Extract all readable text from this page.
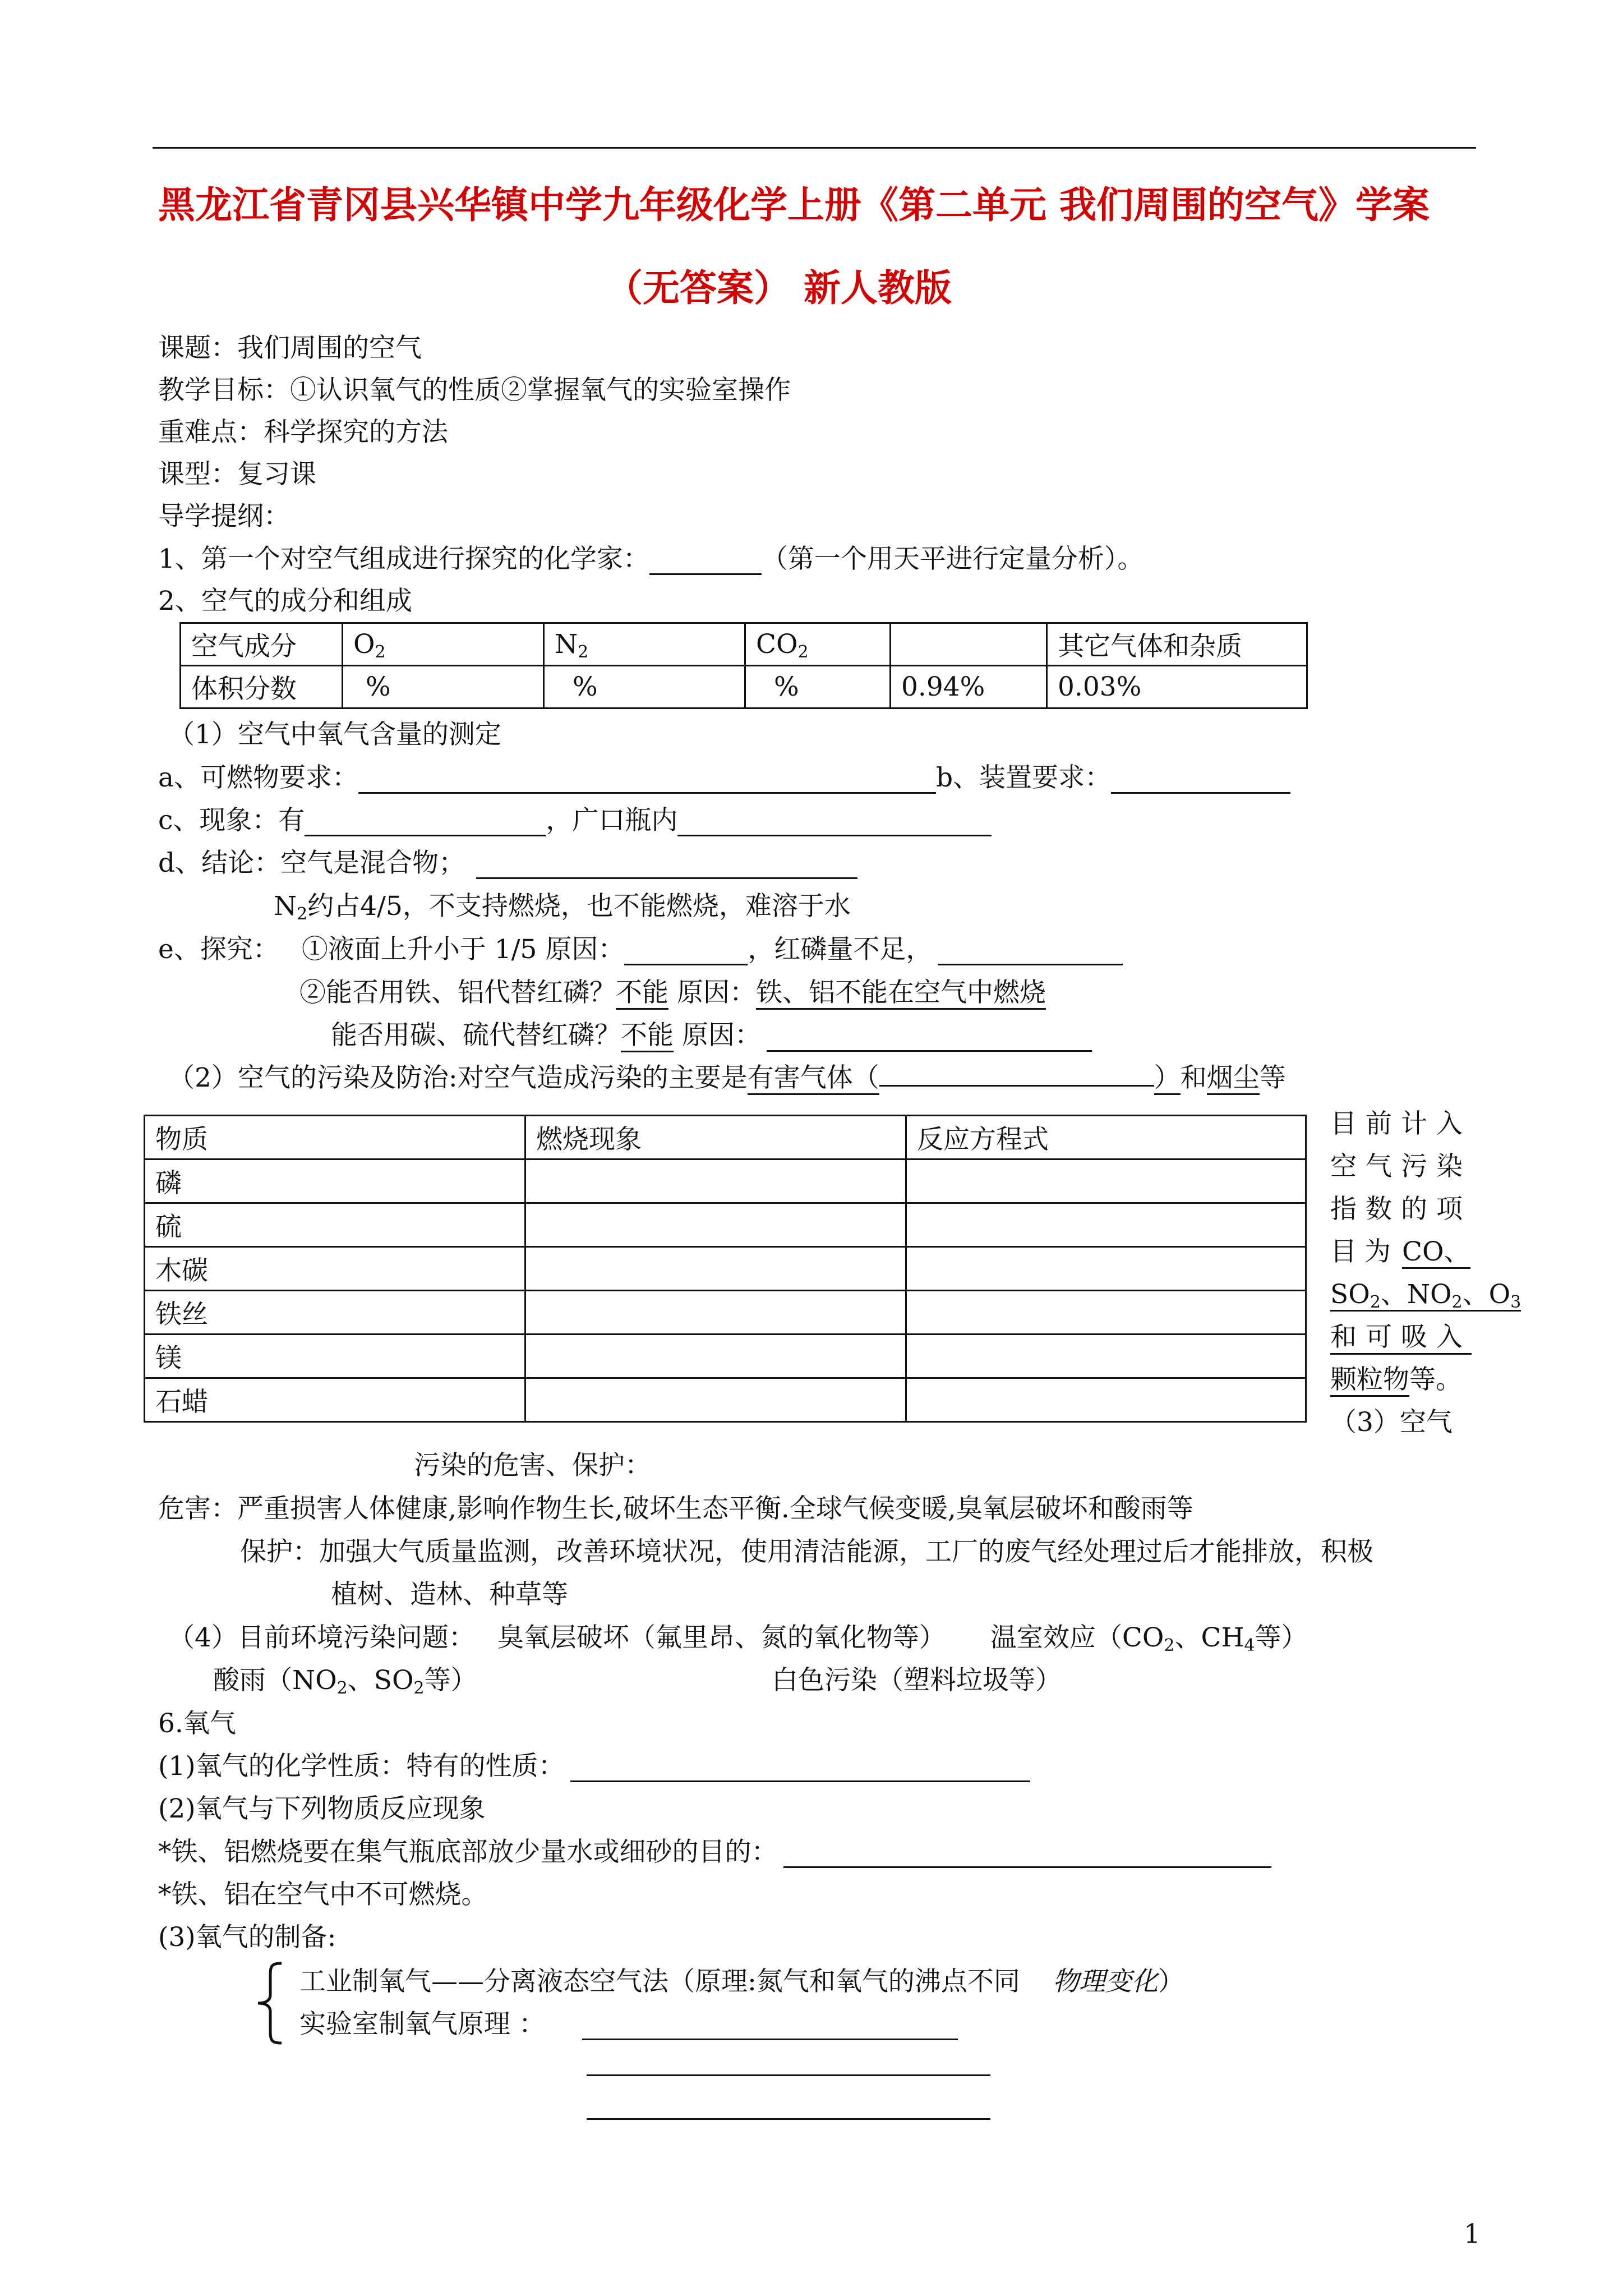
黑龙江省青冈县兴华镇中学九年级化学上册《第二单元 我们周围的空气》学案
（无答案） 新人教版
课题：我们周围的空气
教学目标：①认识氧气的性质②掌握氧气的实验室操作
重难点：科学探究的方法
课型：复习课
导学提纲：
1、第一个对空气组成进行探究的化学家：	（第一个用天平进行定量分析）。
2、空气的成分和组成
空气成分	$O_2$	$N_2$	$CO_2$		其它气体和杂质
体积分数	%	%	%	0.94%	0.03%
（1）空气中氧气含量的测定
a、可燃物要求：	b、装置要求：
c、现象：有	，广口瓶内
d、结论：空气是混合物；
$N_2$约占4/5，不支持燃烧，也不能燃烧，难溶于水
e、探究： ①液面上升小于 1/5 原因：	，红磷量不足，
②能否用铁、铝代替红磷？不能 原因：铁、铝不能在空气中燃烧
能否用碳、硫代替红磷？不能 原因：
（2）空气的污染及防治:对空气造成污染的主要是有害气体（	）和烟尘等
物质	燃烧现象	反应方程式
磷		
硫		
木碳		
铁丝		
镁		
石蜡		
目前计入
空气污染
指数的项
目为 CO、
$SO_2$、$NO_2$、$O_3$
和可吸入
颗粒物等。
（3）空气
污染的危害、保护：
危害：严重损害人体健康,影响作物生长,破坏生态平衡.全球气候变暖,臭氧层破坏和酸雨等
保护：加强大气质量监测，改善环境状况，使用清洁能源，工厂的废气经处理过后才能排放，积极
植树、造林、种草等
（4）目前环境污染问题： 臭氧层破坏（氟里昂、氮的氧化物等） 温室效应（$CO_2$、$CH_4$等）
酸雨（$NO_2$、$SO_2$等）	白色污染（塑料垃圾等）
6.氧气
(1)氧气的化学性质：特有的性质：
(2)氧气与下列物质反应现象
*铁、铝燃烧要在集气瓶底部放少量水或细砂的目的：
*铁、铝在空气中不可燃烧。
(3)氧气的制备:
工业制氧气——分离液态空气法（原理:氮气和氧气的沸点不同 物理变化）
实验室制氧气原理 ：
1
